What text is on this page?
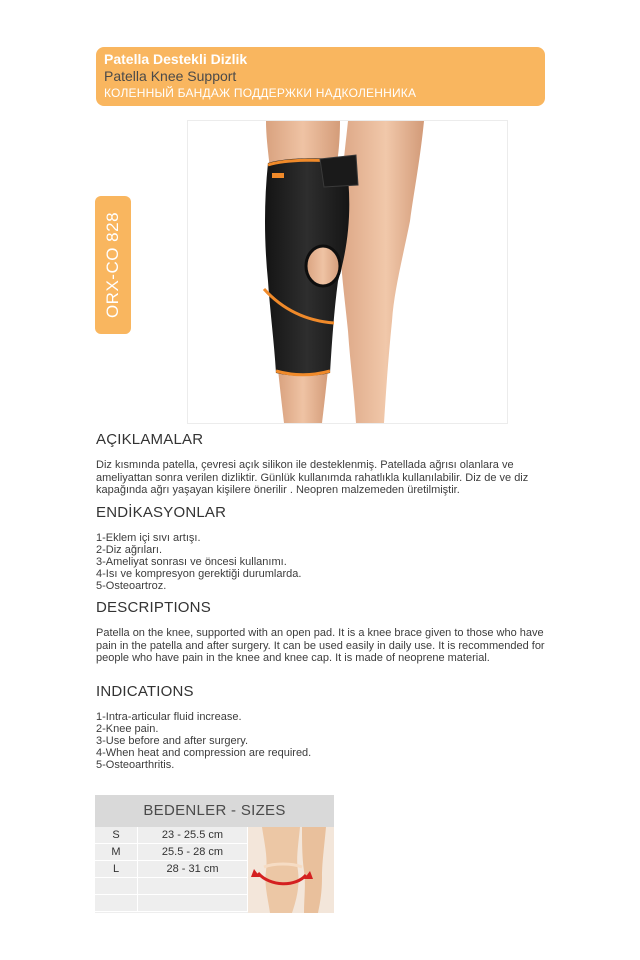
Patella Destekli Dizlik
Patella Knee Support
КОЛЕННЫЙ БАНДАЖ ПОДДЕРЖКИ НАДКОЛЕННИКА
ORX-CO 828
AÇIKLAMALAR
Diz kısmında patella, çevresi açık silikon ile desteklenmiş. Patellada ağrısı olanlara ve ameliyattan sonra verilen dizliktir. Günlük kullanımda rahatlıkla kullanılabilir. Diz de ve diz kapağında ağrı yaşayan kişilere önerilir . Neopren malzemeden üretilmiştir.
ENDİKASYONLAR
1-Eklem içi sıvı artışı.
2-Diz ağrıları.
3-Ameliyat sonrası ve öncesi kullanımı.
4-Isı ve kompresyon gerektiği durumlarda.
5-Osteoartroz.
DESCRIPTIONS
Patella on the knee, supported with an open pad. It is a knee brace given to those who have pain in the patella and after surgery. It can be used easily in daily use. It is recommended for people who have pain in the knee and knee cap. It is made of neoprene material.
INDICATIONS
1-Intra-articular fluid increase.
2-Knee pain.
3-Use before and after surgery.
4-When heat and compression are required.
5-Osteoarthritis.
BEDENLER - SIZES
S	23 - 25.5 cm
M	25.5 - 28 cm
L	28 - 31 cm
